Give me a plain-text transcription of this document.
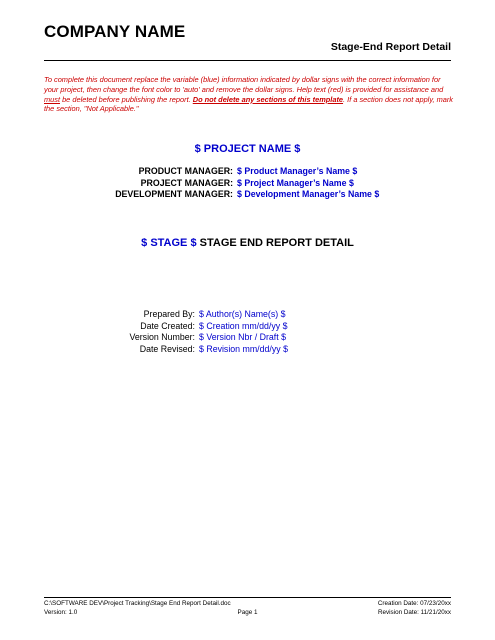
COMPANY NAME
Stage-End Report Detail
To complete this document replace the variable (blue) information indicated by dollar signs with the correct information for your project, then change the font color to 'auto' and remove the dollar signs. Help text (red) is provided for assistance and must be deleted before publishing the report. Do not delete any sections of this template. If a section does not apply, mark the section, "Not Applicable."
$ PROJECT NAME $
PRODUCT MANAGER: $ Product Manager’s Name $
PROJECT MANAGER: $ Project Manager’s Name $
DEVELOPMENT MANAGER: $ Development Manager’s Name $
$ STAGE $ STAGE END REPORT DETAIL
Prepared By: $ Author(s) Name(s) $
Date Created: $ Creation mm/dd/yy $
Version Number: $ Version Nbr / Draft $
Date Revised: $ Revision mm/dd/yy $
C:\SOFTWARE DEV\Project Tracking\Stage End Report Detail.doc
Version: 1.0	Page 1
Creation Date: 07/23/20xx
Revision Date: 11/21/20xx
